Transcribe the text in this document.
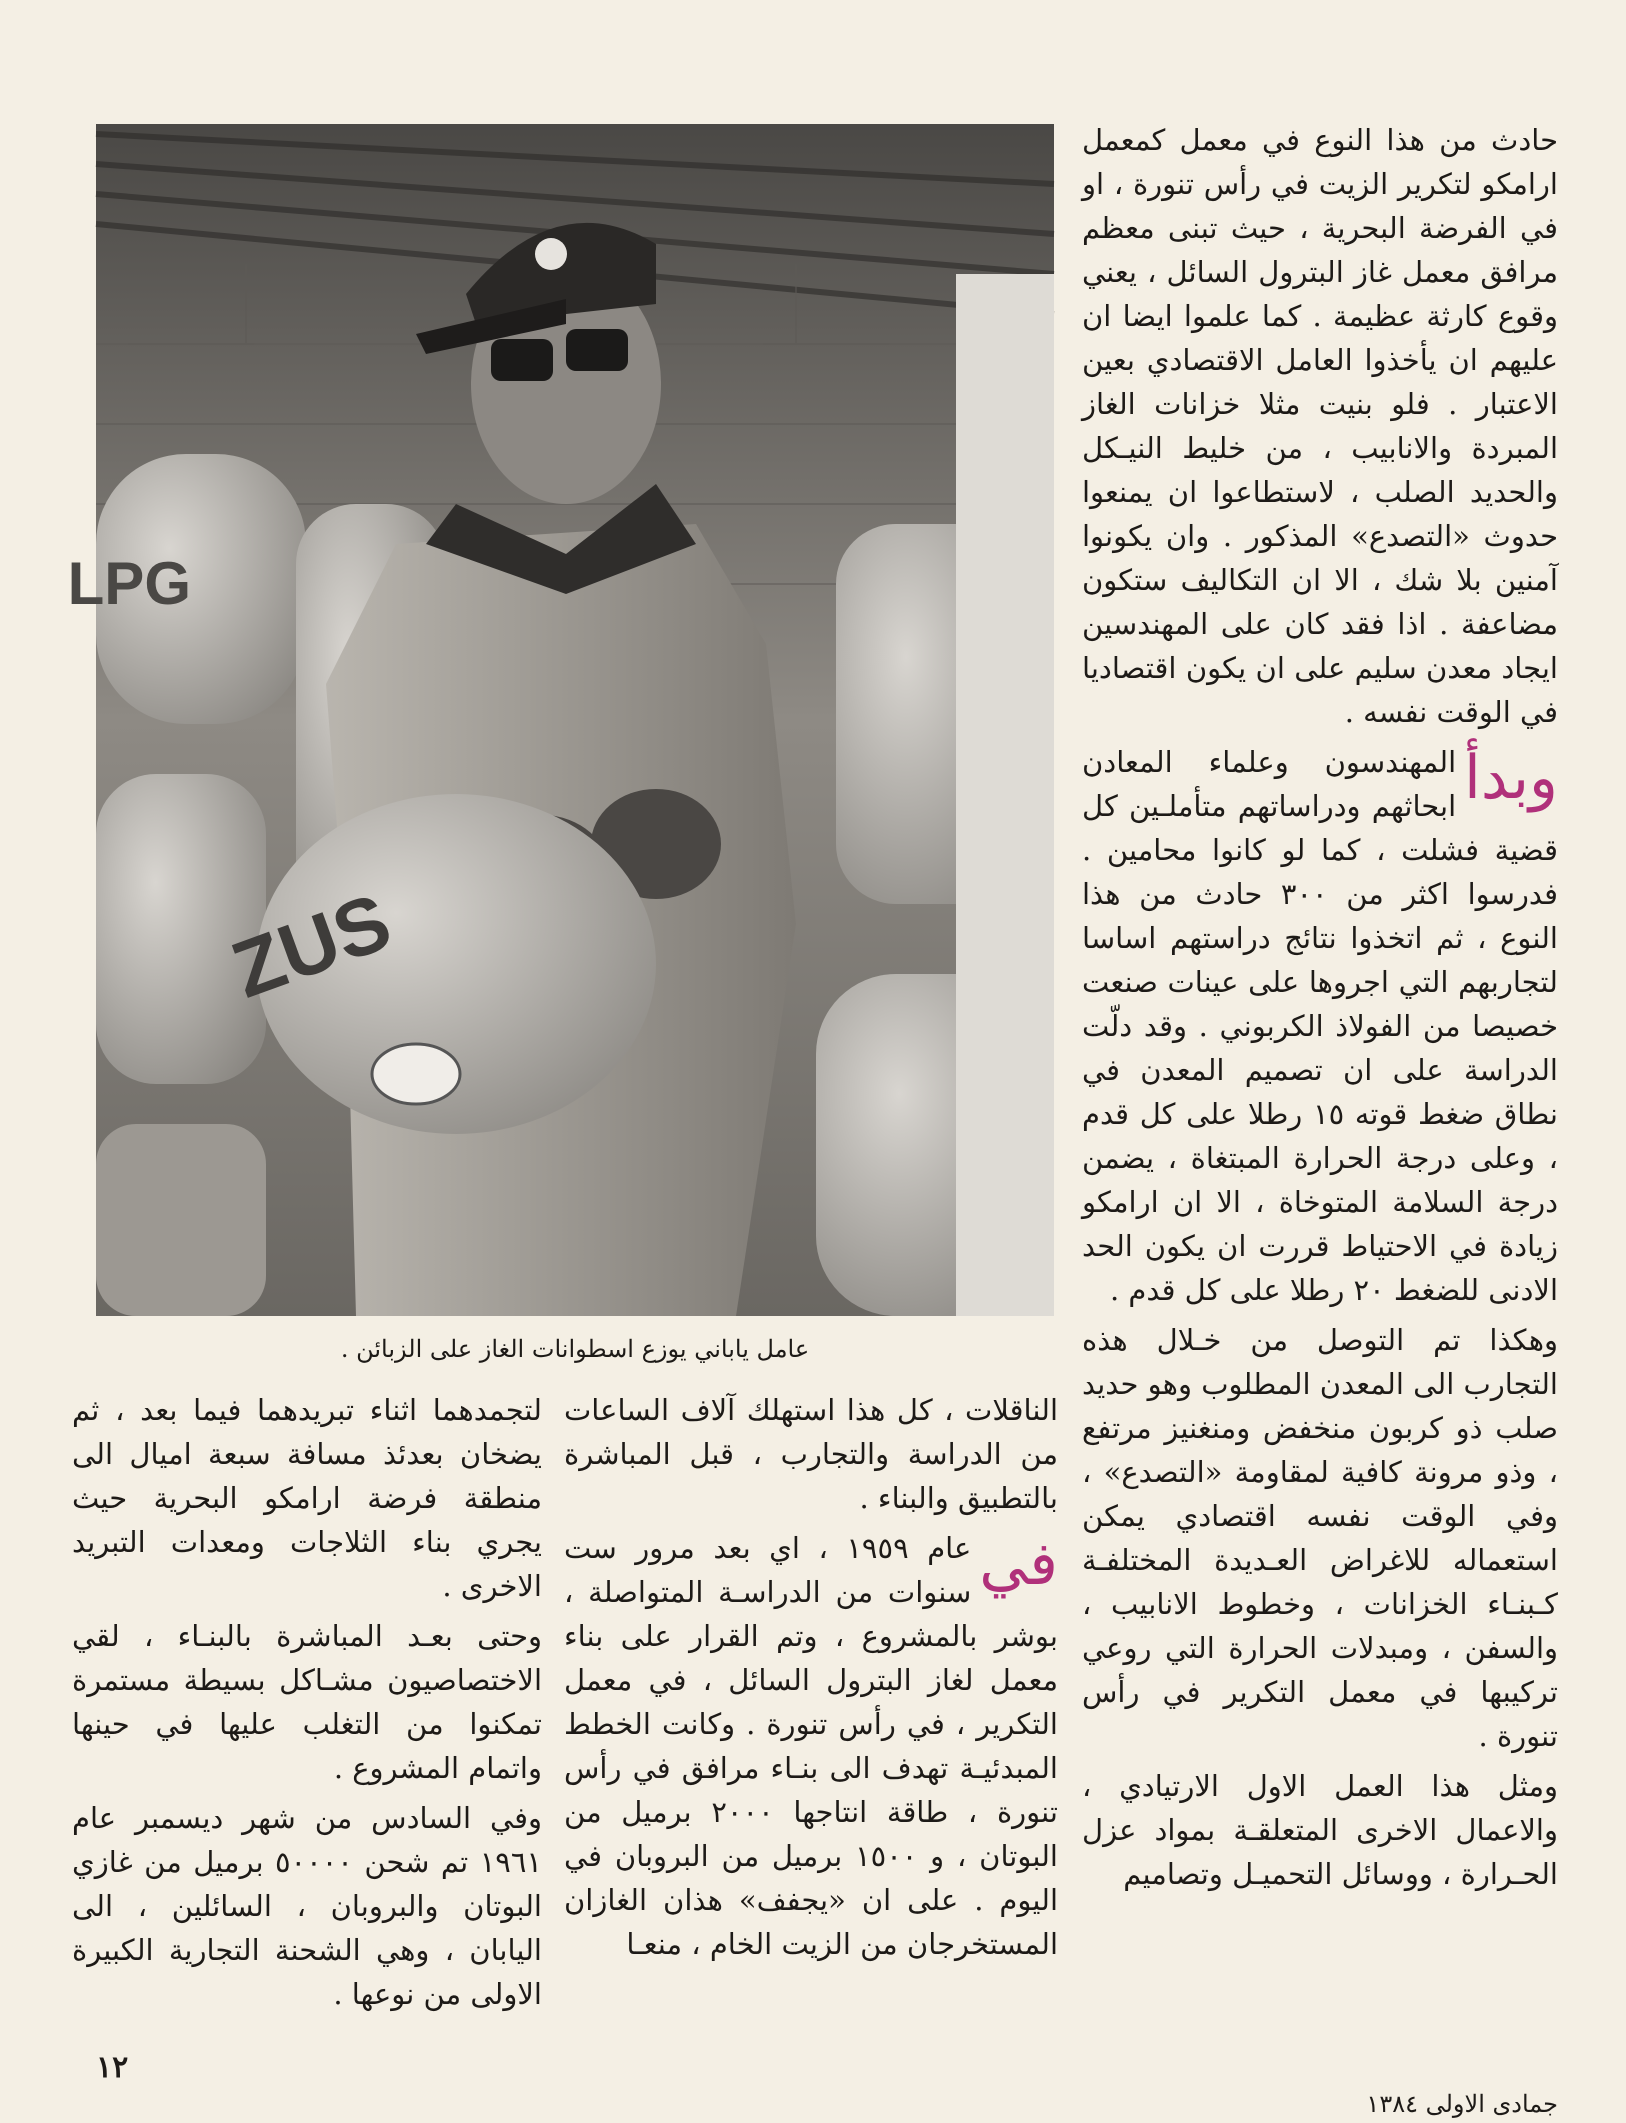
حادث من هذا النوع في معمل كمعمل ارامكو لتكرير الزيت في رأس تنورة ، او في الفرضة البحرية ، حيث تبنى معظم مرافق معمل غاز البترول السائل ، يعني وقوع كارثة عظيمة . كما علموا ايضا ان عليهم ان يأخذوا العامل الاقتصادي بعين الاعتبار . فلو بنيت مثلا خزانات الغاز المبردة والانابيب ، من خليط النيـكل والحديد الصلب ، لاستطاعوا ان يمنعوا حدوث «التصدع» المذكور . وان يكونوا آمنين بلا شك ، الا ان التكاليف ستكون مضاعفة . اذا فقد كان على المهندسين ايجاد معدن سليم على ان يكون اقتصاديا في الوقت نفسه .

وبدأ
المهندسون وعلماء المعادن ابحاثهم ودراساتهم متأملـين كل قضية فشلت ، كما لو كانوا محامين . فدرسوا اكثر من ٣٠٠ حادث من هذا النوع ، ثم اتخذوا نتائج دراستهم اساسا لتجاربهم التي اجروها على عينات صنعت خصيصا من الفولاذ الكربوني . وقد دلّت الدراسة على ان تصميم المعدن في نطاق ضغط قوته ١٥ رطلا على كل قدم ، وعلى درجة الحرارة المبتغاة ، يضمن درجة السلامة المتوخاة ، الا ان ارامكو زيادة في الاحتياط قررت ان يكون الحد الادنى للضغط ٢٠ رطلا على كل قدم .

وهكذا تم التوصل من خـلال هذه التجارب الى المعدن المطلوب وهو حديد صلب ذو كربون منخفض ومنغنيز مرتفع ، وذو مرونة كافية لمقاومة «التصدع» ، وفي الوقت نفسه اقتصادي يمكن استعماله للاغراض العـديدة المختلفـة كـبنـاء الخزانات ، وخطوط الانابيب ، والسفن ، ومبدلات الحرارة التي روعي تركيبها في معمل التكرير في رأس تنورة .

ومثل هذا العمل الاول الارتيادي ، والاعمال الاخرى المتعلقـة بمواد عزل الحـرارة ، ووسائل التحميـل وتصاميم

LPG
ZUS
عامل ياباني يوزع اسطوانات الغاز على الزبائن .

الناقلات ، كل هذا استهلك آلاف الساعات من الدراسة والتجارب ، قبل المباشرة بالتطبيق والبناء .

في
عام ١٩٥٩ ، اي بعد مرور ست سنوات من الدراسـة المتواصلة ، بوشر بالمشروع ، وتم القرار على بناء معمل لغاز البترول السائل ، في معمل التكرير ، في رأس تنورة . وكانت الخطط المبدئيـة تهدف الى بنـاء مرافق في رأس تنورة ، طاقة انتاجها ٢٠٠٠ برميل من البوتان ، و ١٥٠٠ برميل من البروبان في اليوم . على ان «يجفف» هذان الغازان المستخرجان من الزيت الخام ، منعـا

لتجمدهما اثناء تبريدهما فيما بعد ، ثم يضخان بعدئذ مسافة سبعة اميال الى منطقة فرضة ارامكو البحرية حيث يجري بناء الثلاجات ومعدات التبريد الاخرى .

وحتى بعـد المباشرة بالبنـاء ، لقي الاختصاصيون مشـاكل بسيطة مستمرة تمكنوا من التغلب عليها في حينها واتمام المشروع .

وفي السادس من شهر ديسمبر عام ١٩٦١ تم شحن ٥٠٠٠٠ برميل من غازي البوتان والبروبان ، السائلين ، الى اليابان ، وهي الشحنة التجارية الكبيرة الاولى من نوعها .

١٢
جمادى الاولى ١٣٨٤
